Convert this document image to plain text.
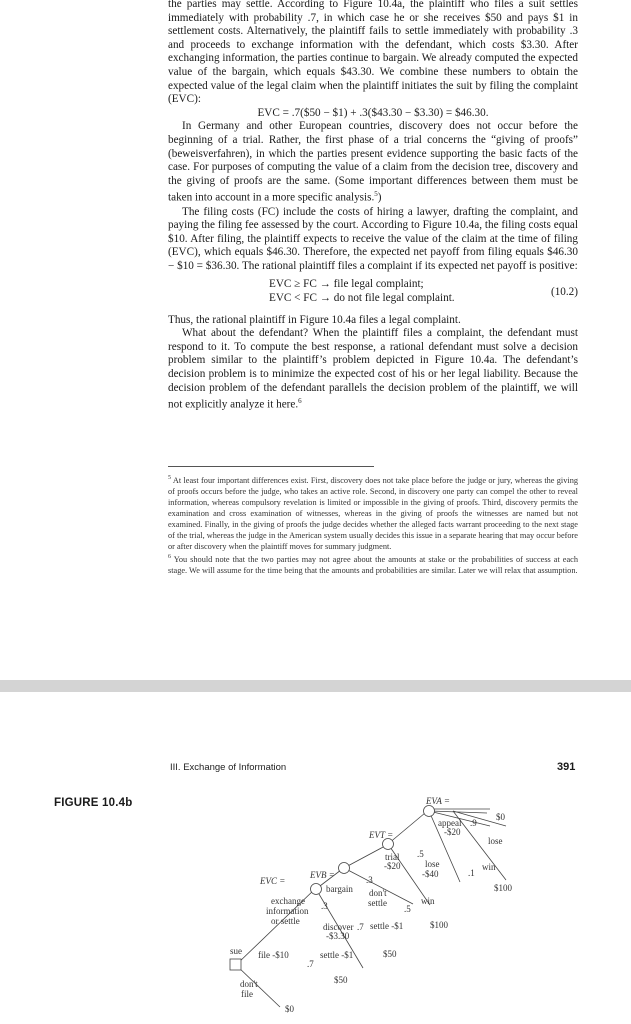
the parties may settle. According to Figure 10.4a, the plaintiff who files a suit settles immediately with probability .7, in which case he or she receives $50 and pays $1 in settlement costs. Alternatively, the plaintiff fails to settle immediately with probability .3 and proceeds to exchange information with the defendant, which costs $3.30. After exchanging information, the parties continue to bargain. We already computed the expected value of the bargain, which equals $43.30. We combine these numbers to obtain the expected value of the legal claim when the plaintiff initiates the suit by filing the complaint (EVC):

EVC = .7($50 − $1) + .3($43.30 − $3.30) = $46.30.

In Germany and other European countries, discovery does not occur before the beginning of a trial. Rather, the first phase of a trial concerns the “giving of proofs” (beweisverfahren), in which the parties present evidence supporting the basic facts of the case. For purposes of computing the value of a claim from the decision tree, discovery and the giving of proofs are the same. (Some important differences between them must be taken into account in a more specific analysis.$^5$)

The filing costs (FC) include the costs of hiring a lawyer, drafting the complaint, and paying the filing fee assessed by the court. According to Figure 10.4a, the filing costs equal $10. After filing, the plaintiff expects to receive the value of the claim at the time of filing (EVC), which equals $46.30. Therefore, the expected net payoff from filing equals $46.30 − $10 = $36.30. The rational plaintiff files a complaint if its expected net payoff is positive:

EVC ≥ FC → file legal complaint;
EVC < FC → do not file legal complaint.	(10.2)

Thus, the rational plaintiff in Figure 10.4a files a legal complaint.

What about the defendant? When the plaintiff files a complaint, the defendant must respond to it. To compute the best response, a rational defendant must solve a decision problem similar to the plaintiff’s problem depicted in Figure 10.4a. The defendant’s decision problem is to minimize the expected cost of his or her legal liability. Because the decision problem of the defendant parallels the decision problem of the plaintiff, we will not explicitly analyze it here.$^6$

$^5$ At least four important differences exist. First, discovery does not take place before the judge or jury, whereas the giving of proofs occurs before the judge, who takes an active role. Second, in discovery one party can compel the other to reveal information, whereas compulsory revelation is limited or impossible in the giving of proofs. Third, discovery permits the examination and cross examination of witnesses, whereas in the giving of proofs the witnesses are named but not examined. Finally, in the giving of proofs the judge decides whether the alleged facts warrant proceeding to the next stage of the trial, whereas the judge in the American system usually decides this issue in a separate hearing that may occur before or after discovery when the plaintiff moves for summary judgment.

$^6$ You should note that the two parties may not agree about the amounts at stake or the probabilities of success at each stage. We will assume for the time being that the amounts and probabilities are similar. Later we will relax that assumption.

III. Exchange of Information	391
FIGURE 10.4b	EVA =
$0
appeal .9
-$20
lose
EVT =
trial
-$20
.5
lose
-$40
win
.1
$100
EVB =	.3
bargain don't
settle
.5
win
$100
EVC =
exchange
information
or settle
.3
discover .7
-$3.30
settle -$1
$50
sue file -$10	settle -$1
.7
$50
don't
file
$0
